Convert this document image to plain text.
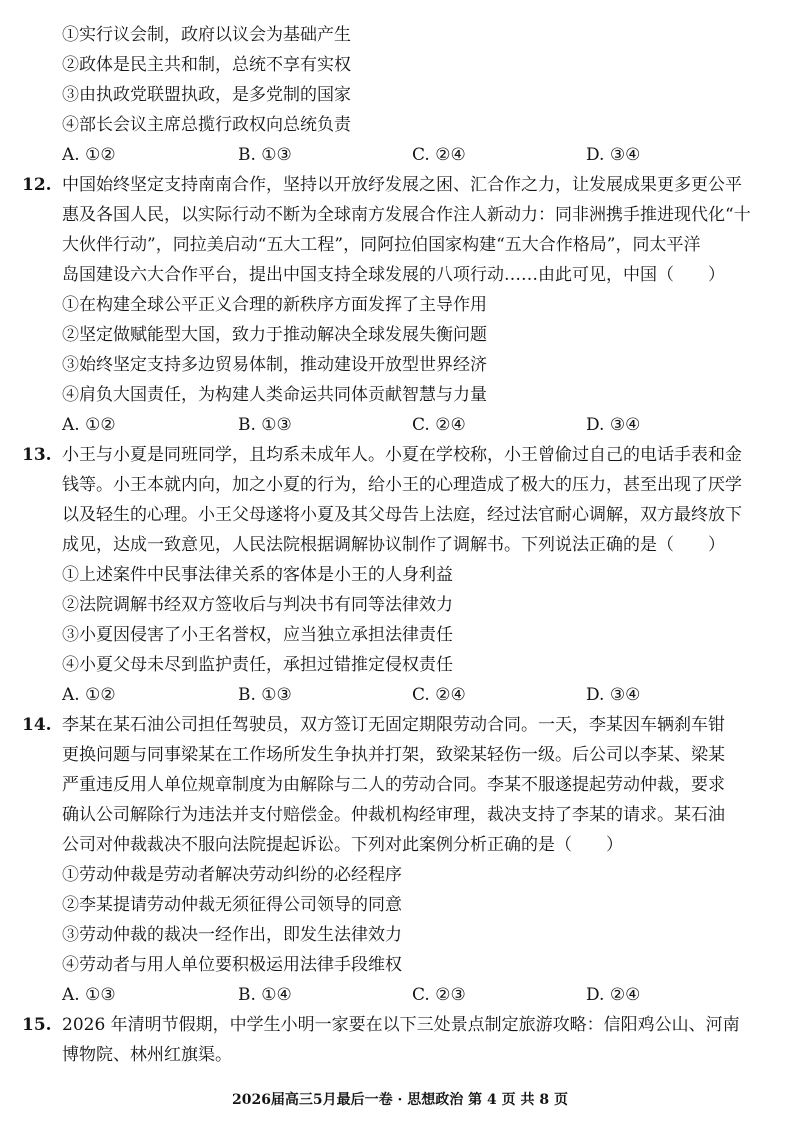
①实行议会制，政府以议会为基础产生
②政体是民主共和制，总统不享有实权
③由执政党联盟执政，是多党制的国家
④部长会议主席总揽行政权向总统负责
A. ①②	B. ①③	C. ②④	D. ③④
12. 中国始终坚定支持南南合作，坚持以开放纾发展之困、汇合作之力，让发展成果更多更公平
惠及各国人民，以实际行动不断为全球南方发展合作注人新动力：同非洲携手推进现代化“十
大伙伴行动”，同拉美启动“五大工程”，同阿拉伯国家构建“五大合作格局”，同太平洋
岛国建设六大合作平台，提出中国支持全球发展的八项行动……由此可见，中国（　　）
①在构建全球公平正义合理的新秩序方面发挥了主导作用
②坚定做赋能型大国，致力于推动解决全球发展失衡问题
③始终坚定支持多边贸易体制，推动建设开放型世界经济
④肩负大国责任，为构建人类命运共同体贡献智慧与力量
A. ①②	B. ①③	C. ②④	D. ③④
13. 小王与小夏是同班同学，且均系未成年人。小夏在学校称，小王曾偷过自己的电话手表和金
钱等。小王本就内向，加之小夏的行为，给小王的心理造成了极大的压力，甚至出现了厌学
以及轻生的心理。小王父母遂将小夏及其父母告上法庭，经过法官耐心调解，双方最终放下
成见，达成一致意见，人民法院根据调解协议制作了调解书。下列说法正确的是（　　）
①上述案件中民事法律关系的客体是小王的人身利益
②法院调解书经双方签收后与判决书有同等法律效力
③小夏因侵害了小王名誉权，应当独立承担法律责任
④小夏父母未尽到监护责任，承担过错推定侵权责任
A. ①②	B. ①③	C. ②④	D. ③④
14. 李某在某石油公司担任驾驶员，双方签订无固定期限劳动合同。一天，李某因车辆刹车钳
更换问题与同事梁某在工作场所发生争执并打架，致梁某轻伤一级。后公司以李某、梁某
严重违反用人单位规章制度为由解除与二人的劳动合同。李某不服遂提起劳动仲裁，要求
确认公司解除行为违法并支付赔偿金。仲裁机构经审理，裁决支持了李某的请求。某石油
公司对仲裁裁决不服向法院提起诉讼。下列对此案例分析正确的是（　　）
①劳动仲裁是劳动者解决劳动纠纷的必经程序
②李某提请劳动仲裁无须征得公司领导的同意
③劳动仲裁的裁决一经作出，即发生法律效力
④劳动者与用人单位要积极运用法律手段维权
A. ①③	B. ①④	C. ②③	D. ②④
15. 2026 年清明节假期，中学生小明一家要在以下三处景点制定旅游攻略：信阳鸡公山、河南
博物院、林州红旗渠。
2026届高三5月最后一卷 · 思想政治 第 4 页 共 8 页
